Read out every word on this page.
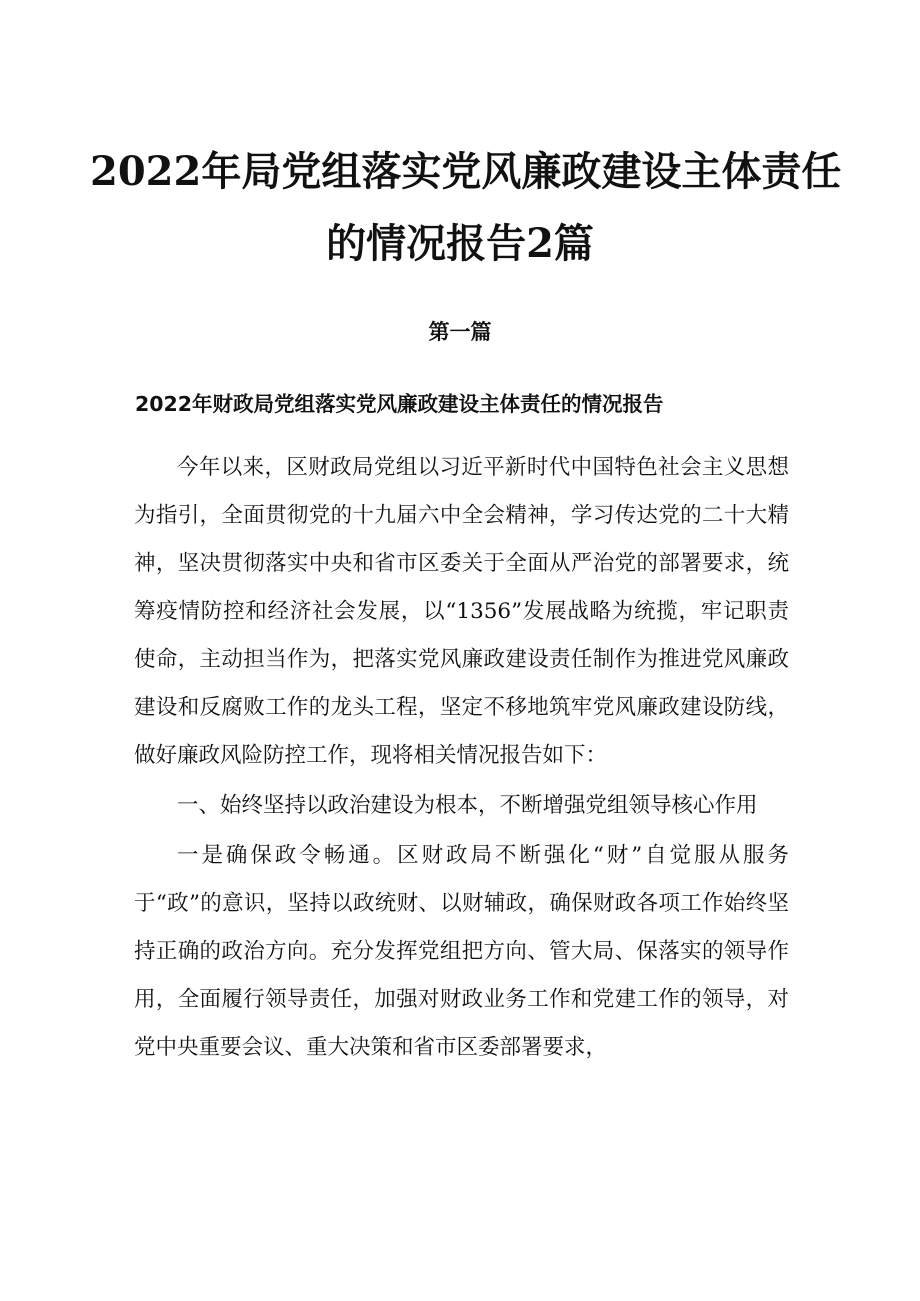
2022年局党组落实党风廉政建设主体责任
的情况报告2篇
第一篇
2022年财政局党组落实党风廉政建设主体责任的情况报告

今年以来，区财政局党组以习近平新时代中国特色社会主义思想为指引，全面贯彻党的十九届六中全会精神，学习传达党的二十大精神，坚决贯彻落实中央和省市区委关于全面从严治党的部署要求，统筹疫情防控和经济社会发展，以“1356”发展战略为统揽，牢记职责使命，主动担当作为，把落实党风廉政建设责任制作为推进党风廉政建设和反腐败工作的龙头工程，坚定不移地筑牢党风廉政建设防线，做好廉政风险防控工作，现将相关情况报告如下：

一、始终坚持以政治建设为根本，不断增强党组领导核心作用

一是确保政令畅通。区财政局不断强化“财”自觉服从服务于“政”的意识，坚持以政统财、以财辅政，确保财政各项工作始终坚持正确的政治方向。充分发挥党组把方向、管大局、保落实的领导作用，全面履行领导责任，加强对财政业务工作和党建工作的领导，对党中央重要会议、重大决策和省市区委部署要求，
